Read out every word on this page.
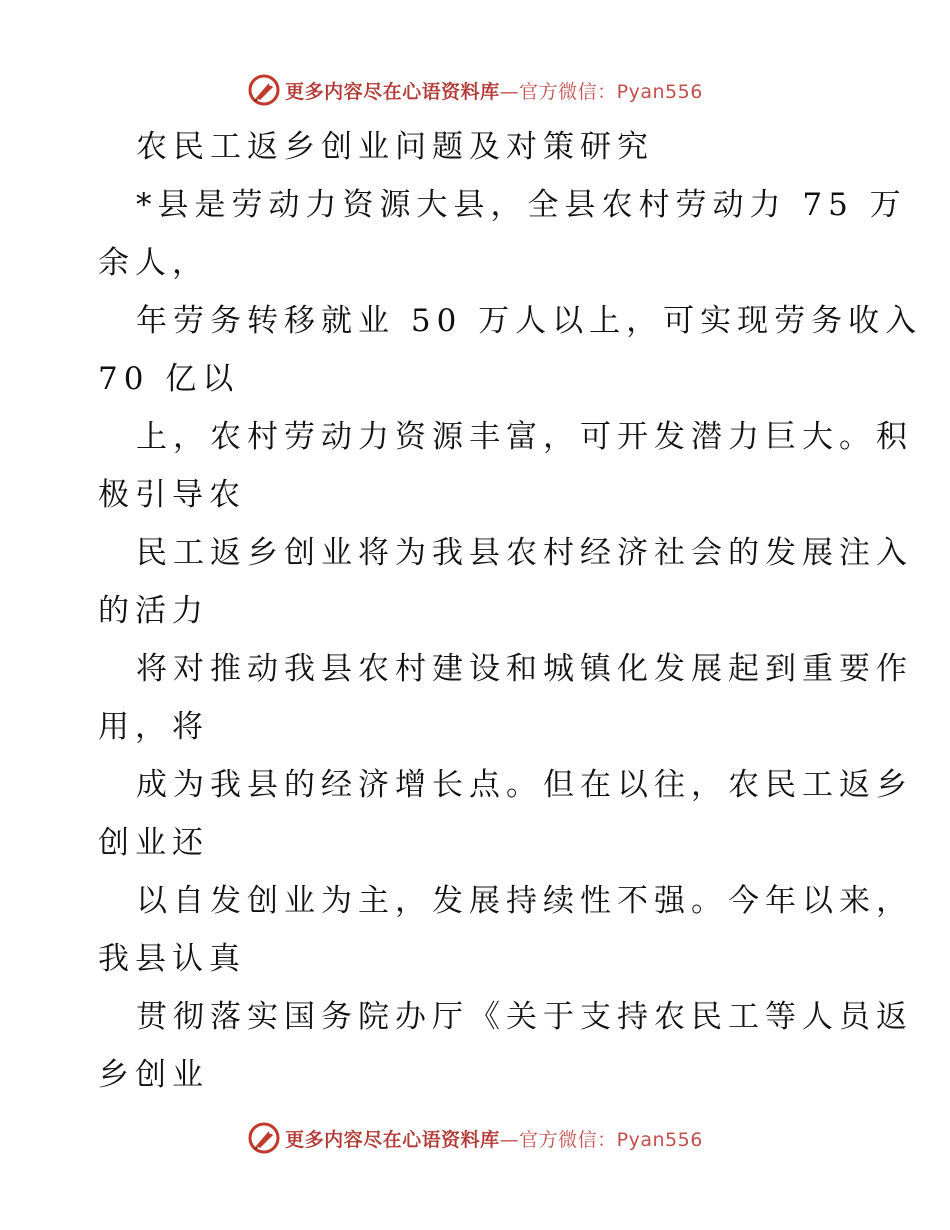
更多内容尽在心语资料库—官方微信：Pyan556
农民工返乡创业问题及对策研究
*县是劳动力资源大县，全县农村劳动力 75 万
余人，
年劳务转移就业 50 万人以上，可实现劳务收入
70 亿以
上，农村劳动力资源丰富，可开发潜力巨大。积
极引导农
民工返乡创业将为我县农村经济社会的发展注入
的活力
将对推动我县农村建设和城镇化发展起到重要作
用，将
成为我县的经济增长点。但在以往，农民工返乡
创业还
以自发创业为主，发展持续性不强。今年以来，
我县认真
贯彻落实国务院办厅《关于支持农民工等人员返
乡创业
更多内容尽在心语资料库—官方微信：Pyan556
